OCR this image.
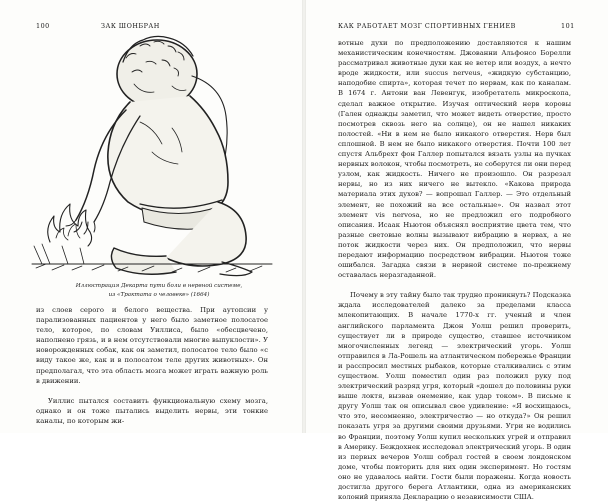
100	ЗАК ШОНБРАН
Иллюстрация Декарта пути боли в нервной системе,
из «Трактата о человеке» (1664)

из слоев серого и белого вещества. При аутопсии у парализованных пациентов у него было заметное полосатое тело, которое, по словам Уиллиса, было «обесцвечено, наполнено грязь, и в нем отсутствовали многие выпуклости». У новорожденных собак, как он заметил, полосатое тело было «с виду такое же, как и в полосатом теле других животных». Он предполагал, что эта область мозга может играть важную роль в движении.

Уиллис пытался составить функциональную схему мозга, однако и он тоже пытались выделить нервы, эти тонкие каналы, по которым жи-

КАК РАБОТАЕТ МОЗГ СПОРТИВНЫХ ГЕНИЕВ	101

вотные духи по предположению доставляются к нашим механистическим конечностям. Джованни Альфонсо Борелли рассматривал животные духи как не ветер или воздух, а нечто вроде жидкости, или succus nerveus, «жидкую субстанцию, наподобие спирта», которая течет по нервам, как по каналам. В 1674 г. Антони ван Левенгук, изобретатель микроскопа, сделал важное открытие. Изучая оптический нерв коровы (Гален однажды заметил, что может видеть отверстие, просто посмотрев сквозь него на солнце), он не нашел никаких полостей. «Ни в нем не было никакого отверстия. Нерв был сплошной. В нем не было никакого отверстия. Почти 100 лет спустя Альбрехт фон Галлер попытался вязать узлы на пучках нервных волокон, чтобы посмотреть, не соберутся ли они перед узлом, как жидкость. Ничего не произошло. Он разрезал нервы, но из них ничего не вытекло. «Какова природа материала этих духов? — вопрошал Галлер. — Это отдельный элемент, не похожий на все остальные». Он назвал этот элемент vis nervosa, но не предложил его подробного описания. Исаак Ньютон объяснял восприятие цвета тем, что разные световые волны вызывают вибрацию в нервах, а не поток жидкости через них. Он предположил, что нервы передают информацию посредством вибрации. Ньютон тоже ошибался. Загадка связи в нервной системе по-прежнему оставалась неразгаданной.

Почему в эту тайну было так трудно проникнуть? Подсказка ждала исследователей далеко за пределами класса млекопитающих. В начале 1770-х гг. ученый и член английского парламента Джон Уолш решил проверить, существует ли в природе существо, ставшее источником многочисленных легенд — электрический угорь. Уолш отправился в Ла-Рошель на атлантическом побережье Франции и расспросил местных рыбаков, которые сталкивались с этим существом. Уолш поместил один раз положил руку под электрический разряд угря, который «дошел до половины руки выше локтя, вызвав онемение, как удар током». В письме к другу Уолш так он описывал свое удивление: «Я восхищаюсь, что это, несомненно, электричество — но откуда?» Он решил показать угря за другими своими друзьями. Угри не водились во Франции, поэтому Уолш купил нескольких угрей и отправил в Америку. Беждохнек исследовал электрический угорь. В один из первых вечеров Уолш собрал гостей в своем лондонском доме, чтобы повторить для них один эксперимент. Но гостям оно не удавалось найти. Гости были поражены. Когда новость достигла другого берега Атлантики, одна из американских колоний приняла Декларацию о независимости США.
